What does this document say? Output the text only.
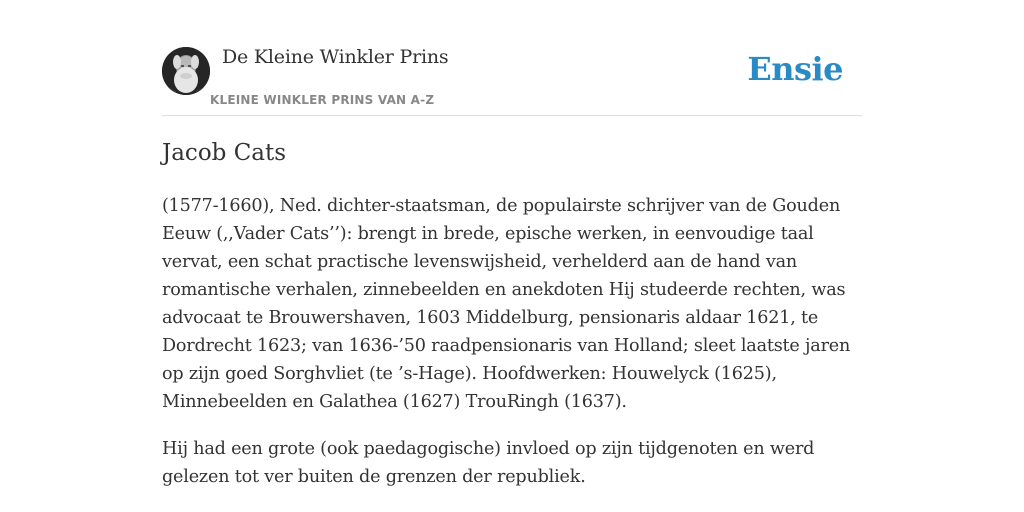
De Kleine Winkler Prins
KLEINE WINKLER PRINS VAN A-Z
Ensie
Jacob Cats

(1577-1660), Ned. dichter-staatsman, de populairste schrijver van de Gouden Eeuw (,,Vader Cats’’): brengt in brede, epische werken, in eenvoudige taal vervat, een schat practische levenswijsheid, verhelderd aan de hand van romantische verhalen, zinnebeelden en anekdoten Hij studeerde rechten, was advocaat te Brouwershaven, 1603 Middelburg, pensionaris aldaar 1621, te Dordrecht 1623; van 1636-’50 raadpensionaris van Holland; sleet laatste jaren op zijn goed Sorghvliet (te ’s-Hage). Hoofdwerken: Houwelyck (1625), Minnebeelden en Galathea (1627) TrouRingh (1637).

Hij had een grote (ook paedagogische) invloed op zijn tijdgenoten en werd gelezen tot ver buiten de grenzen der republiek.
